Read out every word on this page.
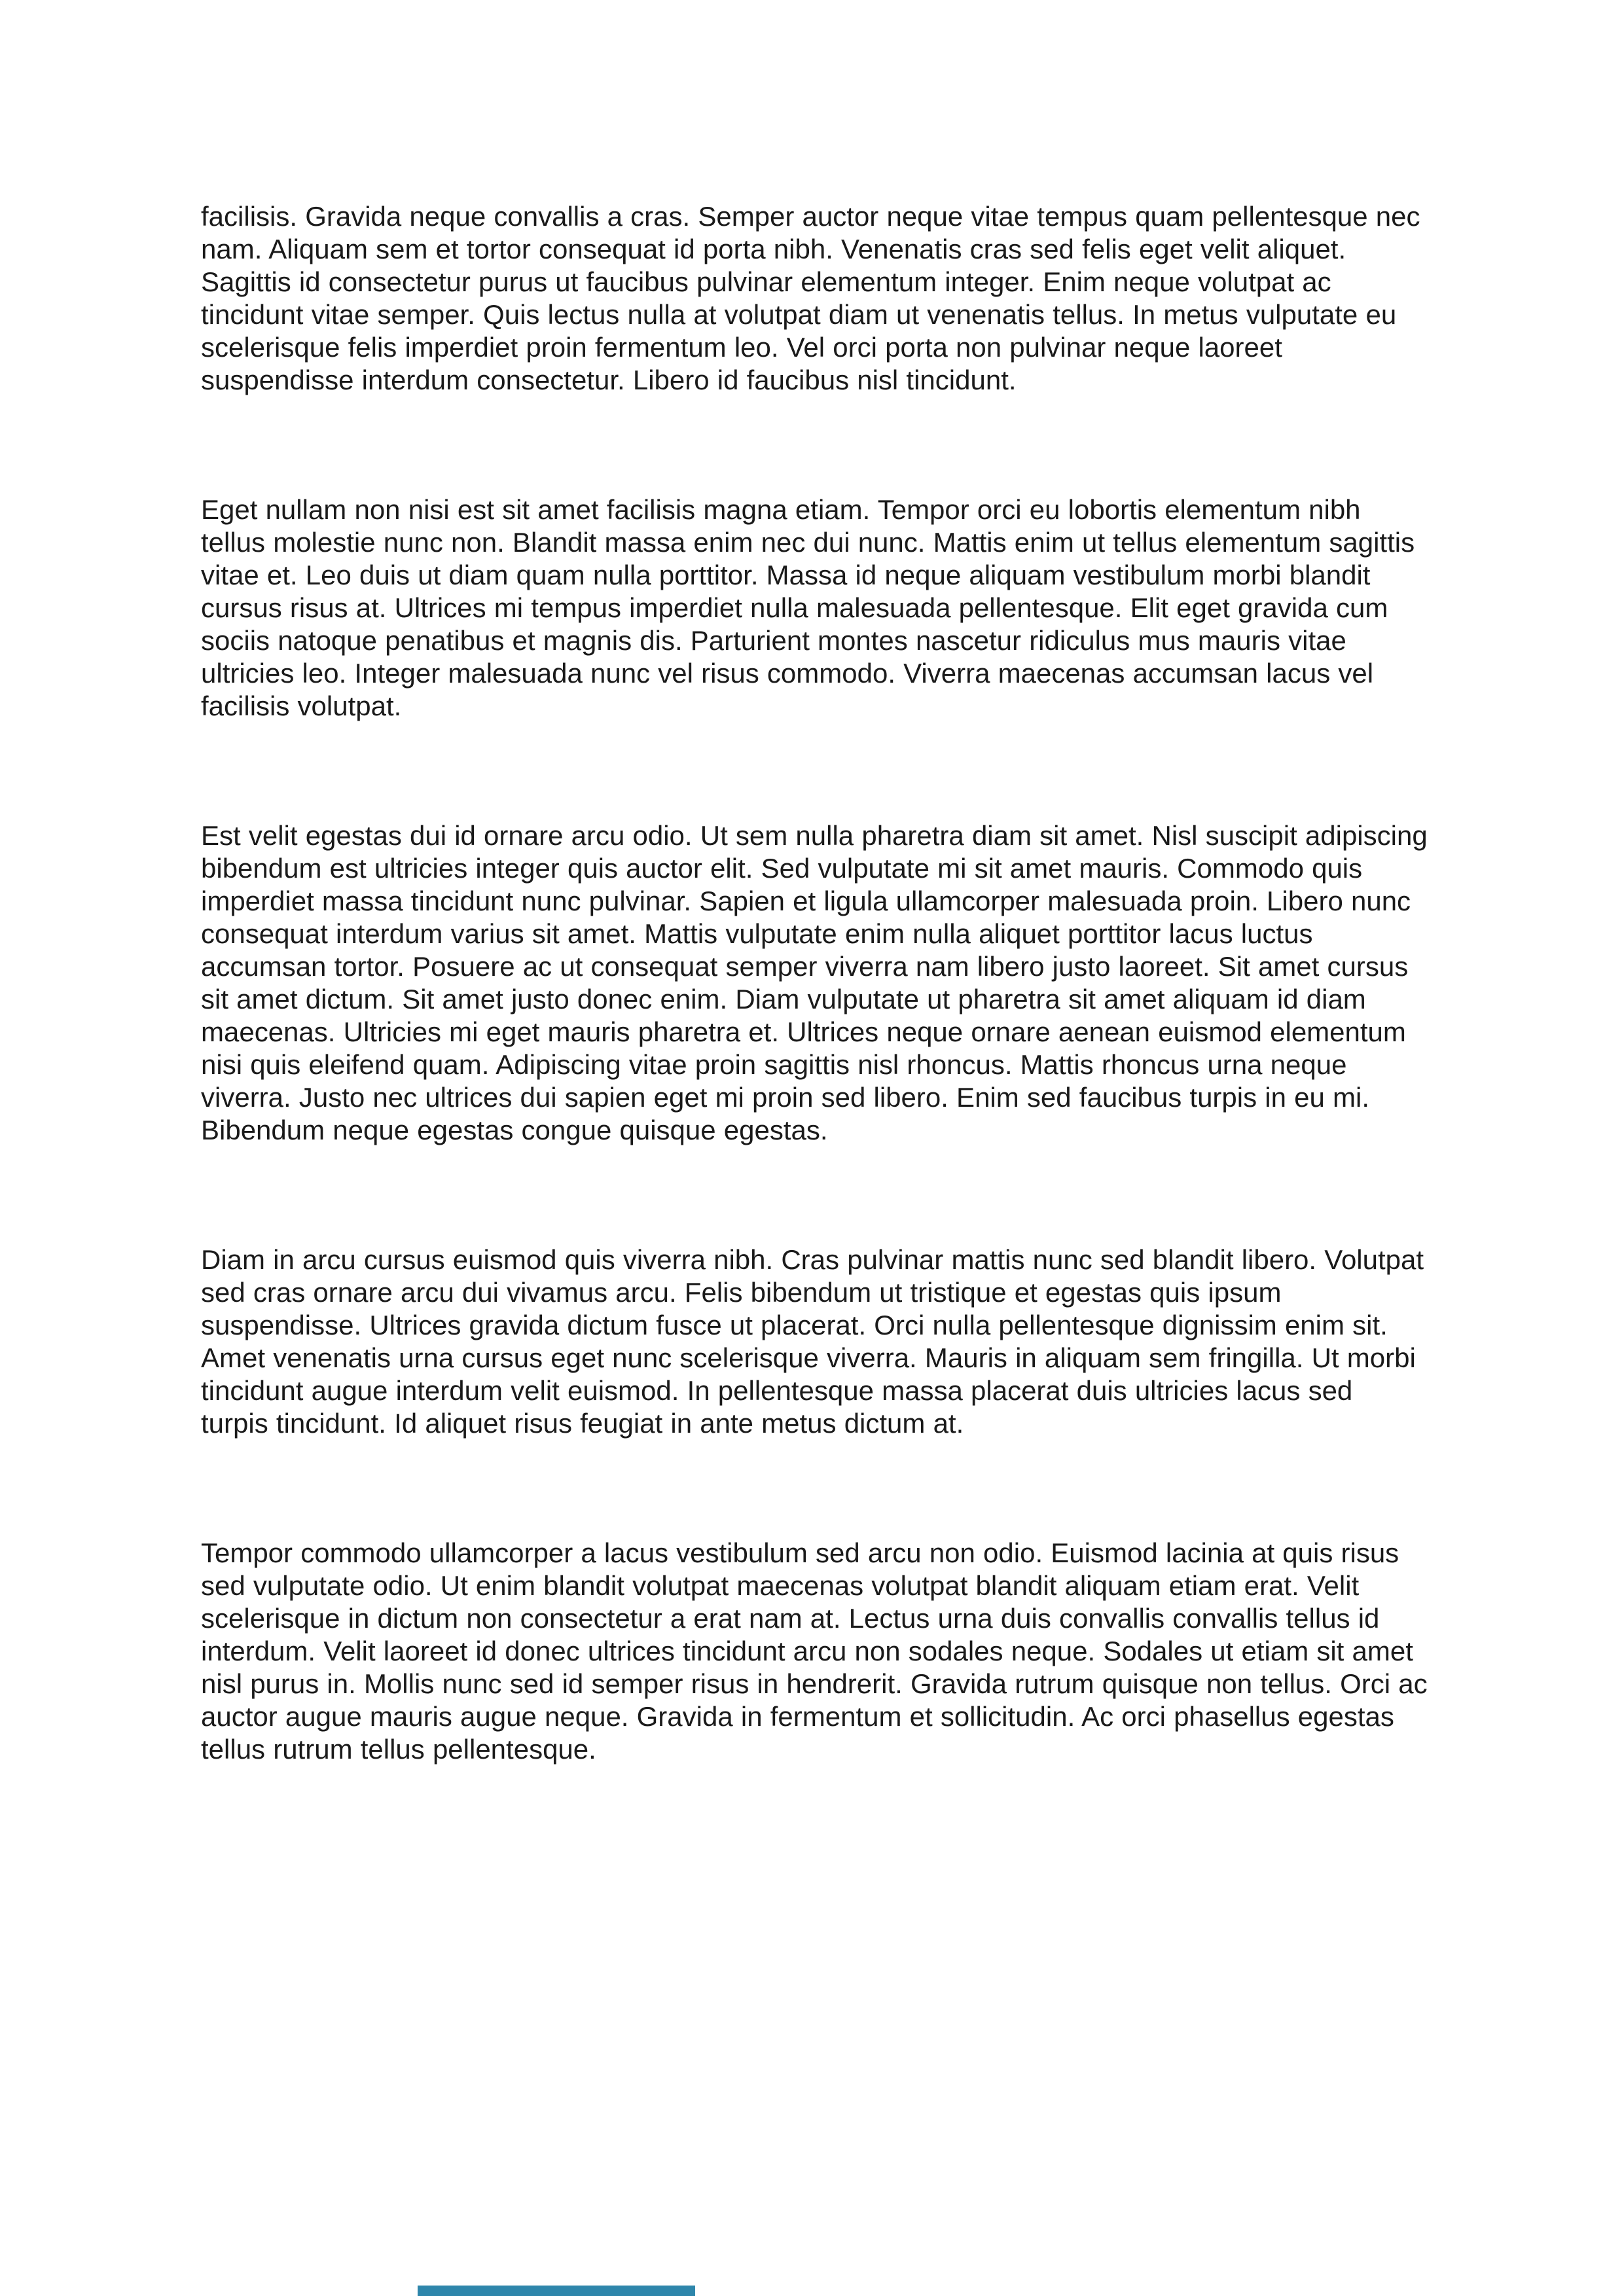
facilisis. Gravida neque convallis a cras. Semper auctor neque vitae tempus quam pellentesque nec nam. Aliquam sem et tortor consequat id porta nibh. Venenatis cras sed felis eget velit aliquet. Sagittis id consectetur purus ut faucibus pulvinar elementum integer. Enim neque volutpat ac tincidunt vitae semper. Quis lectus nulla at volutpat diam ut venenatis tellus. In metus vulputate eu scelerisque felis imperdiet proin fermentum leo. Vel orci porta non pulvinar neque laoreet suspendisse interdum consectetur. Libero id faucibus nisl tincidunt.

Eget nullam non nisi est sit amet facilisis magna etiam. Tempor orci eu lobortis elementum nibh tellus molestie nunc non. Blandit massa enim nec dui nunc. Mattis enim ut tellus elementum sagittis vitae et. Leo duis ut diam quam nulla porttitor. Massa id neque aliquam vestibulum morbi blandit cursus risus at. Ultrices mi tempus imperdiet nulla malesuada pellentesque. Elit eget gravida cum sociis natoque penatibus et magnis dis. Parturient montes nascetur ridiculus mus mauris vitae ultricies leo. Integer malesuada nunc vel risus commodo. Viverra maecenas accumsan lacus vel facilisis volutpat.

Est velit egestas dui id ornare arcu odio. Ut sem nulla pharetra diam sit amet. Nisl suscipit adipiscing bibendum est ultricies integer quis auctor elit. Sed vulputate mi sit amet mauris. Commodo quis imperdiet massa tincidunt nunc pulvinar. Sapien et ligula ullamcorper malesuada proin. Libero nunc consequat interdum varius sit amet. Mattis vulputate enim nulla aliquet porttitor lacus luctus accumsan tortor. Posuere ac ut consequat semper viverra nam libero justo laoreet. Sit amet cursus sit amet dictum. Sit amet justo donec enim. Diam vulputate ut pharetra sit amet aliquam id diam maecenas. Ultricies mi eget mauris pharetra et. Ultrices neque ornare aenean euismod elementum nisi quis eleifend quam. Adipiscing vitae proin sagittis nisl rhoncus. Mattis rhoncus urna neque viverra. Justo nec ultrices dui sapien eget mi proin sed libero. Enim sed faucibus turpis in eu mi. Bibendum neque egestas congue quisque egestas.

Diam in arcu cursus euismod quis viverra nibh. Cras pulvinar mattis nunc sed blandit libero. Volutpat sed cras ornare arcu dui vivamus arcu. Felis bibendum ut tristique et egestas quis ipsum suspendisse. Ultrices gravida dictum fusce ut placerat. Orci nulla pellentesque dignissim enim sit. Amet venenatis urna cursus eget nunc scelerisque viverra. Mauris in aliquam sem fringilla. Ut morbi tincidunt augue interdum velit euismod. In pellentesque massa placerat duis ultricies lacus sed turpis tincidunt. Id aliquet risus feugiat in ante metus dictum at.

Tempor commodo ullamcorper a lacus vestibulum sed arcu non odio. Euismod lacinia at quis risus sed vulputate odio. Ut enim blandit volutpat maecenas volutpat blandit aliquam etiam erat. Velit scelerisque in dictum non consectetur a erat nam at. Lectus urna duis convallis convallis tellus id interdum. Velit laoreet id donec ultrices tincidunt arcu non sodales neque. Sodales ut etiam sit amet nisl purus in. Mollis nunc sed id semper risus in hendrerit. Gravida rutrum quisque non tellus. Orci ac auctor augue mauris augue neque. Gravida in fermentum et sollicitudin. Ac orci phasellus egestas tellus rutrum tellus pellentesque.
